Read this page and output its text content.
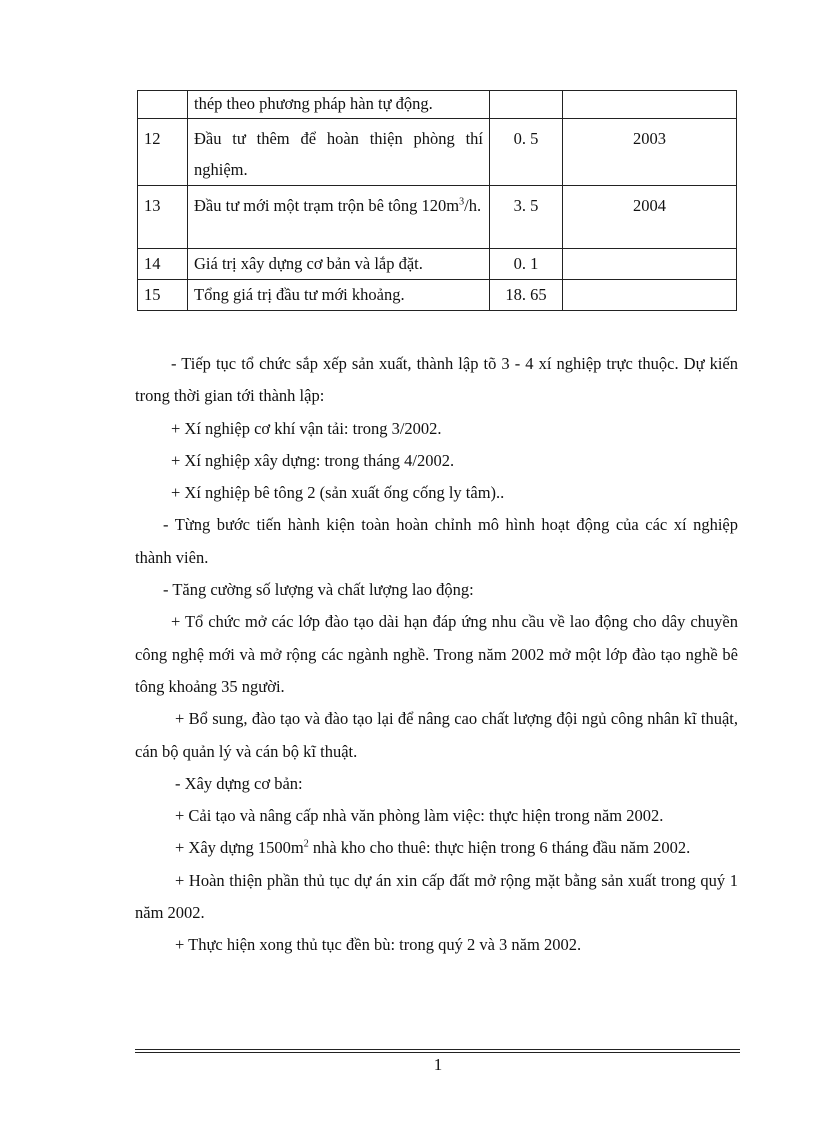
	thép theo phương pháp hàn tự động.		
12	Đầu tư thêm để hoàn thiện phòng thí nghiệm.	0. 5	2003
13	Đầu tư mới một trạm trộn bê tông $120m^3/h$.	3. 5	2004
14	Giá trị xây dựng cơ bản và lắp đặt.	0. 1	
15	Tổng giá trị đầu tư mới khoảng.	18. 65	

- Tiếp tục tổ chức sắp xếp sản xuất, thành lập tõ 3 - 4 xí nghiệp trực thuộc. Dự kiến trong thời gian tới thành lập:

+ Xí nghiệp cơ khí vận tải: trong 3/2002.

+ Xí nghiệp xây dựng: trong tháng 4/2002.

+ Xí nghiệp bê tông 2 (sản xuất ống cống ly tâm)..

- Từng bước tiến hành kiện toàn hoàn chỉnh mô hình hoạt động của các xí nghiệp thành viên.

- Tăng cường số lượng và chất lượng lao động:

+ Tổ chức mở các lớp đào tạo dài hạn đáp ứng nhu cầu về lao động cho dây chuyền công nghệ mới và mở rộng các ngành nghề. Trong năm 2002 mở một lớp đào tạo nghề bê tông khoảng 35 người.

+ Bổ sung, đào tạo và đào tạo lại để nâng cao chất lượng đội ngủ công nhân kĩ thuật, cán bộ quản lý và cán bộ kĩ thuật.

- Xây dựng cơ bản:

+ Cải tạo và nâng cấp nhà văn phòng làm việc: thực hiện trong năm 2002.

+ Xây dựng $1500m^2$ nhà kho cho thuê: thực hiện trong 6 tháng đầu năm 2002.

+ Hoàn thiện phần thủ tục dự án xin cấp đất mở rộng mặt bằng sản xuất trong quý 1 năm 2002.

+ Thực hiện xong thủ tục đền bù: trong quý 2 và 3 năm 2002.

1
